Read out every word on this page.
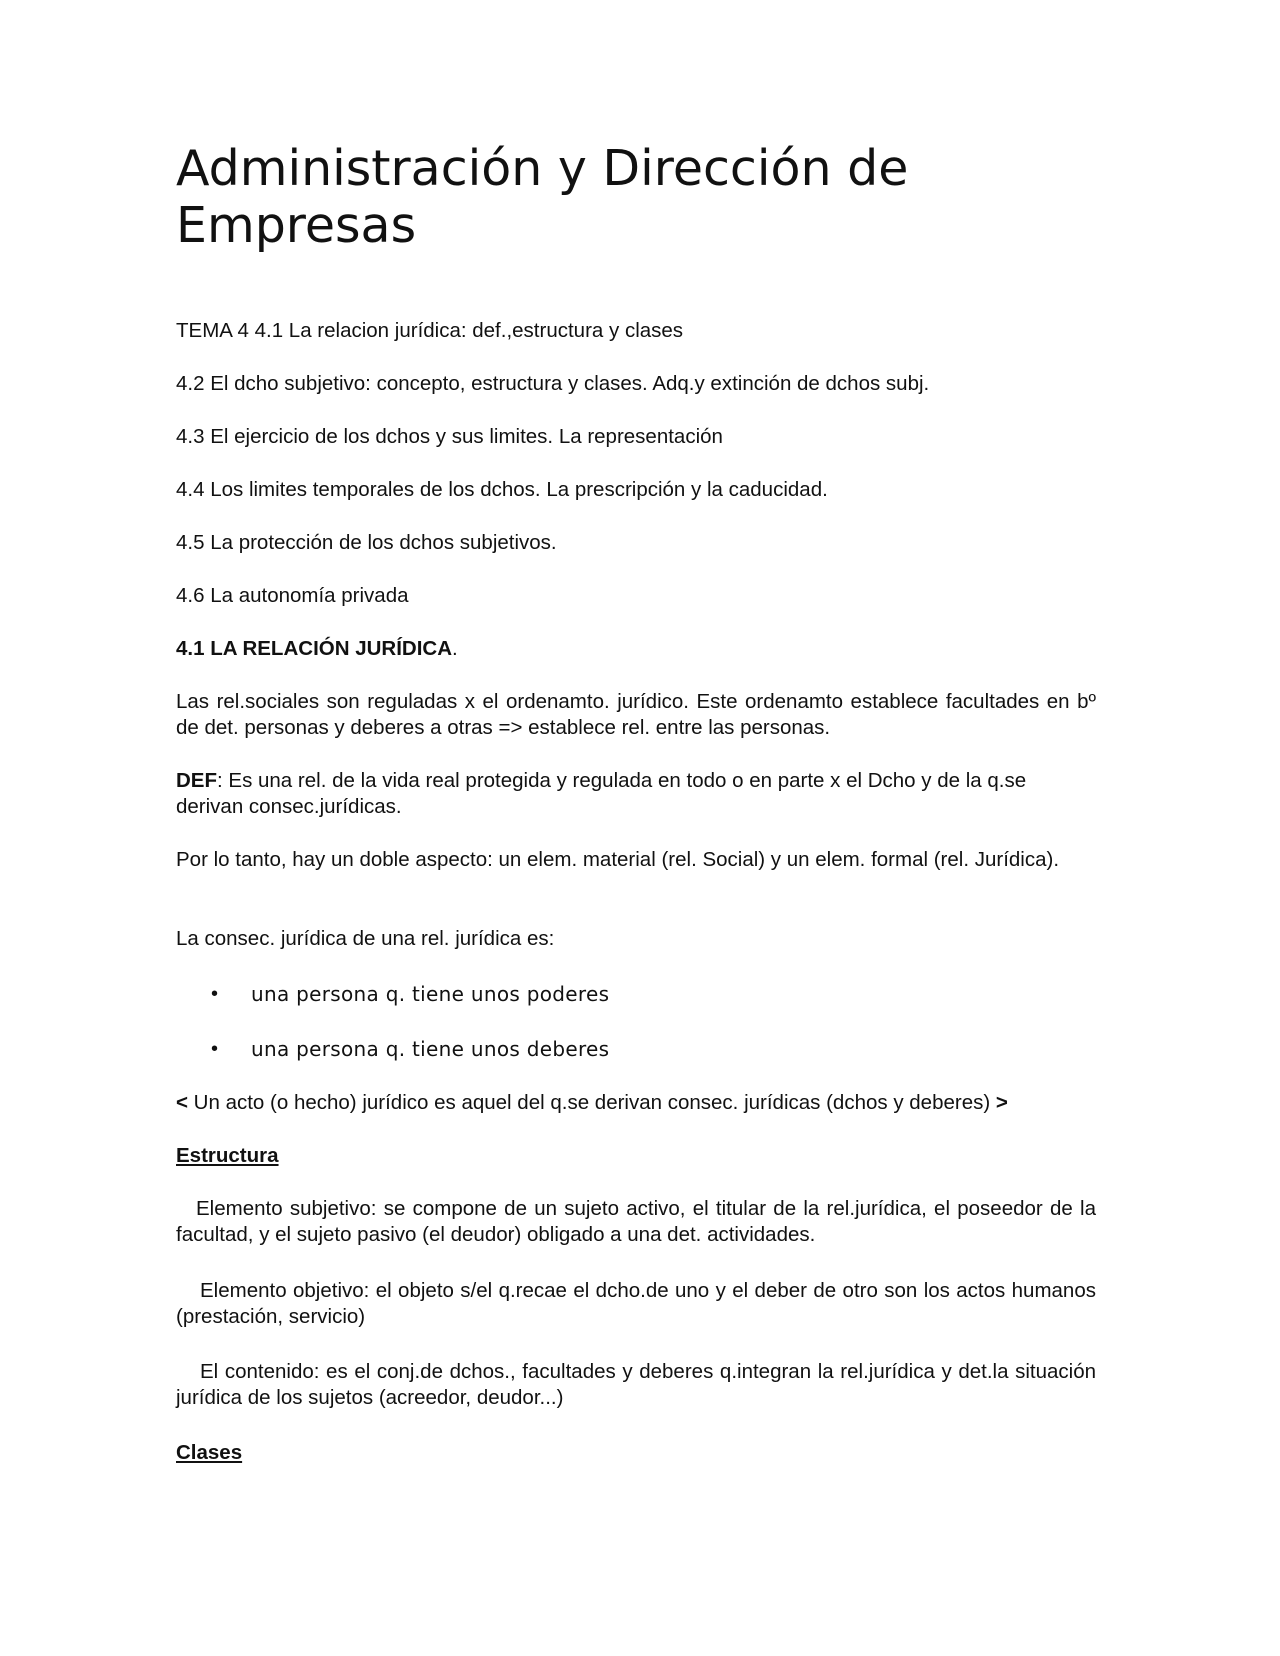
Administración y Dirección de Empresas

TEMA 4 4.1 La relacion jurídica: def.,estructura y clases

4.2 El dcho subjetivo: concepto, estructura y clases. Adq.y extinción de dchos subj.

4.3 El ejercicio de los dchos y sus limites. La representación

4.4 Los limites temporales de los dchos. La prescripción y la caducidad.

4.5 La protección de los dchos subjetivos.

4.6 La autonomía privada

4.1 LA RELACIÓN JURÍDICA.

Las rel.sociales son reguladas x el ordenamto. jurídico. Este ordenamto establece facultades en bº de det. personas y deberes a otras => establece rel. entre las personas.

DEF: Es una rel. de la vida real protegida y regulada en todo o en parte x el Dcho y de la q.se derivan consec.jurídicas.

Por lo tanto, hay un doble aspecto: un elem. material (rel. Social) y un elem. formal (rel. Jurídica).

La consec. jurídica de una rel. jurídica es:

• una persona q. tiene unos poderes
• una persona q. tiene unos deberes

< Un acto (o hecho) jurídico es aquel del q.se derivan consec. jurídicas (dchos y deberes) >

Estructura

Elemento subjetivo: se compone de un sujeto activo, el titular de la rel.jurídica, el poseedor de la facultad, y el sujeto pasivo (el deudor) obligado a una det. actividades.

Elemento objetivo: el objeto s/el q.recae el dcho.de uno y el deber de otro son los actos humanos (prestación, servicio)

El contenido: es el conj.de dchos., facultades y deberes q.integran la rel.jurídica y det.la situación jurídica de los sujetos (acreedor, deudor...)

Clases
